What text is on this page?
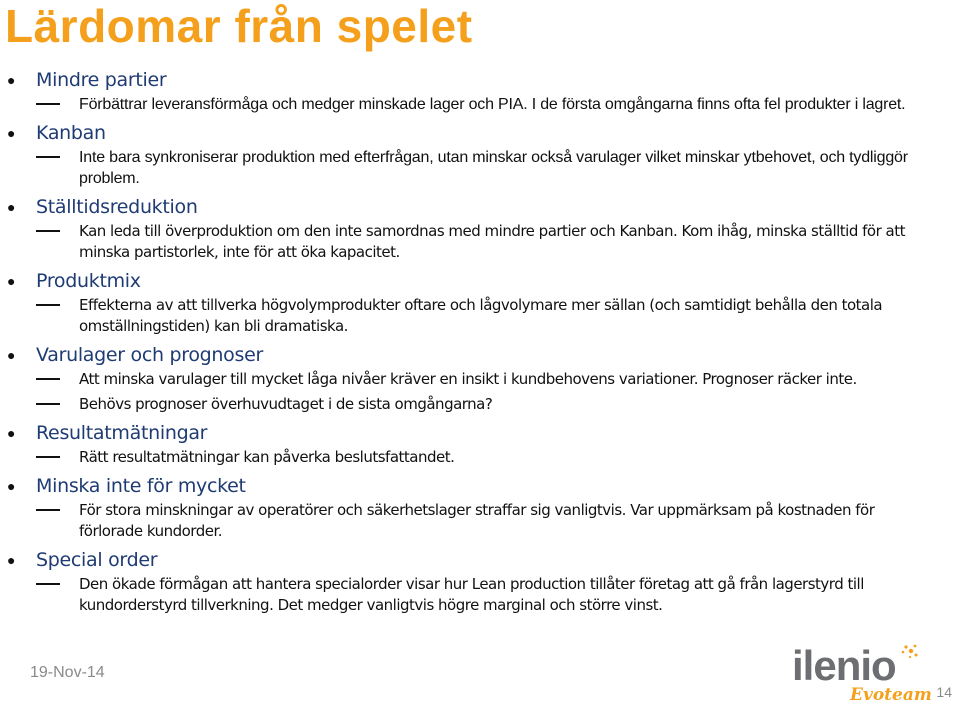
Lärdomar från spelet
● Mindre partier
Förbättrar leveransförmåga och medger minskade lager och PIA. I de första omgångarna finns ofta fel produkter i lagret.
● Kanban
Inte bara synkroniserar produktion med efterfrågan, utan minskar också varulager vilket minskar ytbehovet, och tydliggör problem.
● Ställtidsreduktion
Kan leda till överproduktion om den inte samordnas med mindre partier och Kanban. Kom ihåg, minska ställtid för att minska partistorlek, inte för att öka kapacitet.
● Produktmix
Effekterna av att tillverka högvolymprodukter oftare och lågvolymare mer sällan (och samtidigt behålla den totala omställningstiden) kan bli dramatiska.
● Varulager och prognoser
Att minska varulager till mycket låga nivåer kräver en insikt i kundbehovens variationer. Prognoser räcker inte.
Behövs prognoser överhuvudtaget i de sista omgångarna?
● Resultatmätningar
Rätt resultatmätningar kan påverka beslutsfattandet.
● Minska inte för mycket
För stora minskningar av operatörer och säkerhetslager straffar sig vanligtvis. Var uppmärksam på kostnaden för förlorade kundorder.
● Special order
Den ökade förmågan att hantera specialorder visar hur Lean production tillåter företag att gå från lagerstyrd till kundorderstyrd tillverkning. Det medger vanligtvis högre marginal och större vinst.
19-Nov-14	ilenio
Evoteam 14
